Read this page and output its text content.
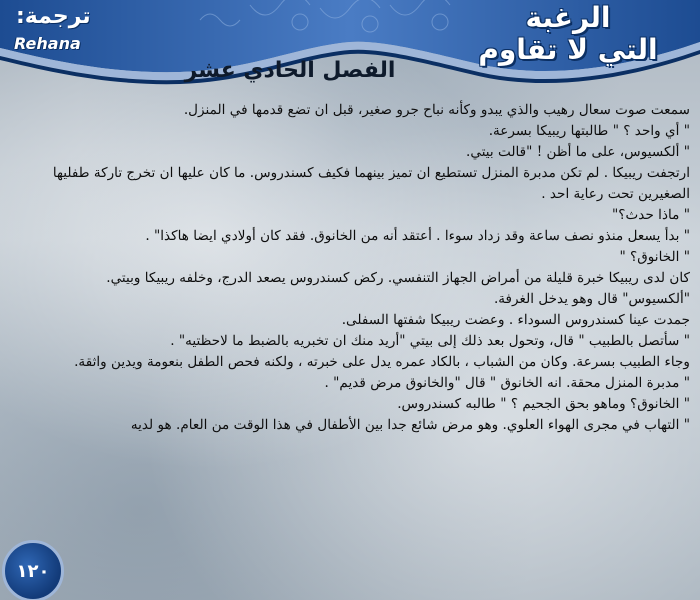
الرغبة
التي لا تقاوم
ترجمة:
Rehana
الفصل الحادي عشر

سمعت صوت سعال رهيب والذي يبدو وكأنه نباح جرو صغير، قبل ان تضع قدمها في المنزل.

" أي واحد ؟ " طالبتها ريبيكا بسرعة.

" ألكسيوس، على ما أظن ! "قالت بيتي.

ارتجفت ريبيكا . لم تكن مدبرة المنزل تستطيع ان تميز بينهما فكيف كسندروس. ما كان عليها ان تخرج تاركة طفليها الصغيرين تحت رعاية احد .

" ماذا حدث؟"

" بدأ يسعل منذو نصف ساعة وقد زداد سوءا . أعتقد أنه من الخانوق. فقد كان أولادي ايضا هاكذا" .

" الخانوق؟ "

كان لدى ريبيكا خبرة قليلة من أمراض الجهاز التنفسي. ركض كسندروس يصعد الدرج، وخلفه ريبيكا وبيتي.

"ألكسيوس" قال وهو يدخل الغرفة.

جمدت عينا كسندروس السوداء . وعضت ريبيكا شفتها السفلى.

" سأتصل بالطبيب " قال، وتحول بعد ذلك إلى بيتي "أريد منك ان تخبريه بالضبط ما لاحظتيه" .

وجاء الطبيب بسرعة. وكان من الشباب ، بالكاد عمره يدل على خبرته ، ولكنه فحص الطفل بنعومة ويدين واثقة.

" مدبرة المنزل محقة. انه الخانوق " قال "والخانوق مرض قديم" .

" الخانوق؟ وماهو بحق الجحيم ؟ " طالبه كسندروس.

" التهاب في مجرى الهواء العلوي. وهو مرض شائع جدا بين الأطفال في هذا الوقت من العام. هو لديه

١٢٠
